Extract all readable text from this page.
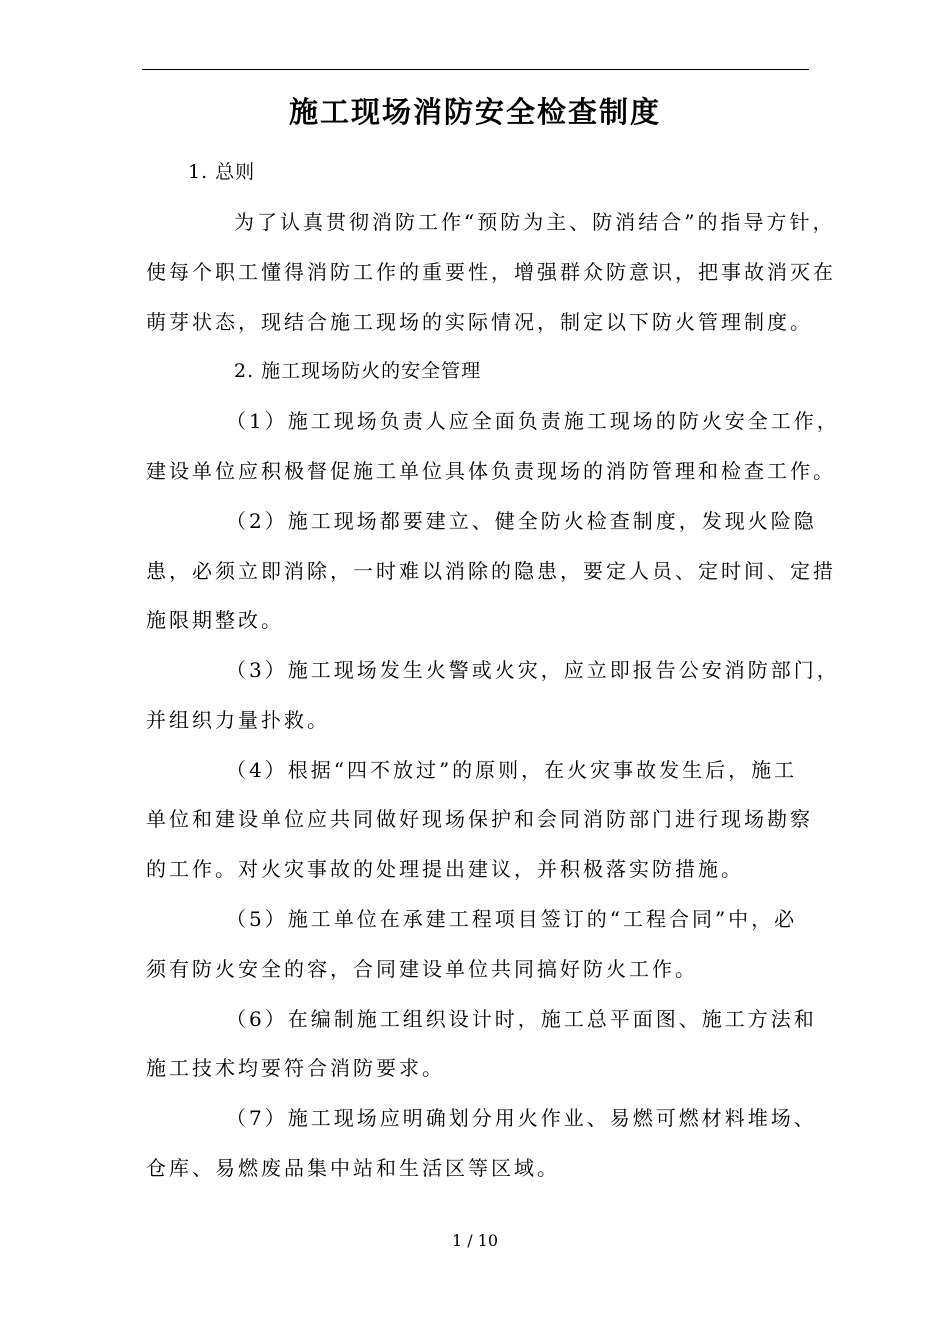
施工现场消防安全检查制度
1. 总则
为了认真贯彻消防工作“预防为主、防消结合”的指导方针，
使每个职工懂得消防工作的重要性，增强群众防意识，把事故消灭在
萌芽状态，现结合施工现场的实际情况，制定以下防火管理制度。
2. 施工现场防火的安全管理
（1）施工现场负责人应全面负责施工现场的防火安全工作，
建设单位应积极督促施工单位具体负责现场的消防管理和检查工作。
（2）施工现场都要建立、健全防火检查制度，发现火险隐
患，必须立即消除，一时难以消除的隐患，要定人员、定时间、定措
施限期整改。
（3）施工现场发生火警或火灾，应立即报告公安消防部门，
并组织力量扑救。
（4）根据“四不放过”的原则，在火灾事故发生后，施工
单位和建设单位应共同做好现场保护和会同消防部门进行现场勘察
的工作。对火灾事故的处理提出建议，并积极落实防措施。
（5）施工单位在承建工程项目签订的“工程合同”中，必
须有防火安全的容，合同建设单位共同搞好防火工作。
（6）在编制施工组织设计时，施工总平面图、施工方法和
施工技术均要符合消防要求。
（7）施工现场应明确划分用火作业、易燃可燃材料堆场、
仓库、易燃废品集中站和生活区等区域。
1 / 10
